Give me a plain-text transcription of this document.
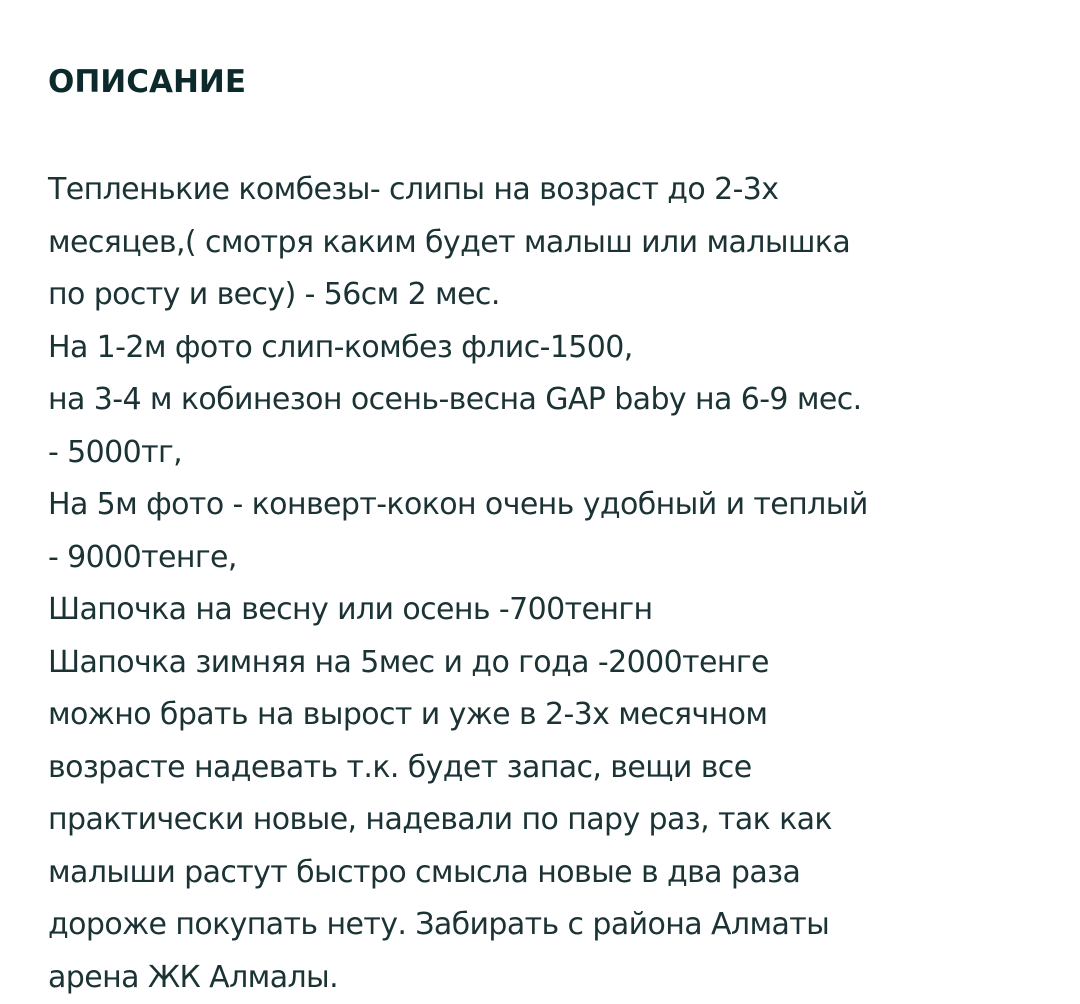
ОПИСАНИЕ
Тепленькие комбезы- слипы на возраст до 2-3х
месяцев,( смотря каким будет малыш или малышка
по росту и весу) - 56см 2 мес.
На 1-2м фото слип-комбез флис-1500,
на 3-4 м кобинезон осень-весна GAP baby на 6-9 мес.
- 5000тг,
На 5м фото - конверт-кокон очень удобный и теплый
- 9000тенге,
Шапочка на весну или осень -700тенгн
Шапочка зимняя на 5мес и до года -2000тенге
можно брать на вырост и уже в 2-3х месячном
возрасте надевать т.к. будет запас, вещи все
практически новые, надевали по пару раз, так как
малыши растут быстро смысла новые в два раза
дороже покупать нету. Забирать с района Алматы
арена ЖК Алмалы.
